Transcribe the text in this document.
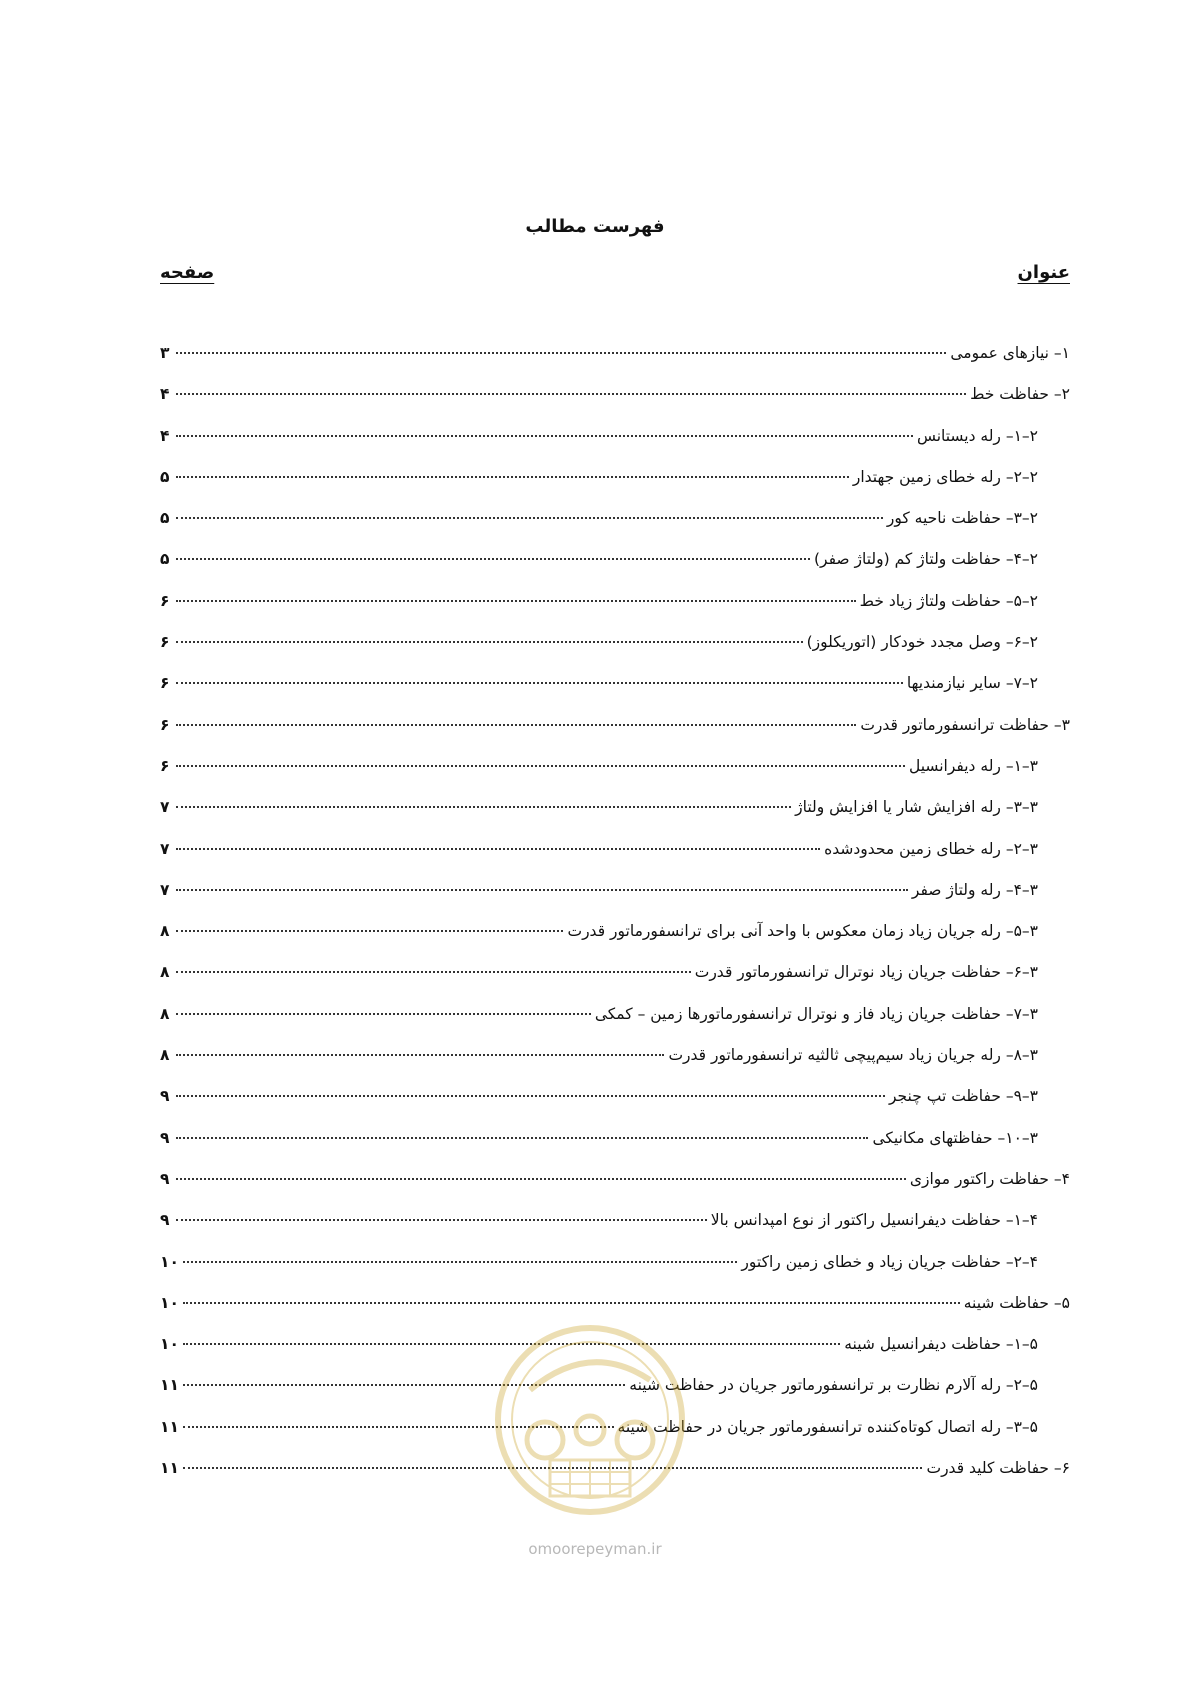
فهرست مطالب
عنوان
صفحه
۱– نیازهای عمومی
۳
۲– حفاظت خط
۴
۲–۱– رله دیستانس
۴
۲–۲– رله خطای زمین جهتدار
۵
۲–۳– حفاظت ناحیه کور
۵
۲–۴– حفاظت ولتاژ کم (ولتاژ صفر)
۵
۲–۵– حفاظت ولتاژ زیاد خط
۶
۲–۶– وصل مجدد خودکار (اتوریکلوز)
۶
۲–۷– سایر نیازمندیها
۶
۳– حفاظت ترانسفورماتور قدرت
۶
۳–۱– رله دیفرانسیل
۶
۳–۳– رله افزایش شار یا افزایش ولتاژ
۷
۳–۲– رله خطای زمین محدودشده
۷
۳–۴– رله ولتاژ صفر
۷
۳–۵– رله جریان زیاد زمان معکوس با واحد آنی برای ترانسفورماتور قدرت
۸
۳–۶– حفاظت جریان زیاد نوترال ترانسفورماتور قدرت
۸
۳–۷– حفاظت جریان زیاد فاز و نوترال ترانسفورماتورها زمین – کمکی
۸
۳–۸– رله جریان زیاد سیم‌پیچی ثالثیه ترانسفورماتور قدرت
۸
۳–۹– حفاظت تپ چنجر
۹
۳–۱۰– حفاظتهای مکانیکی
۹
۴– حفاظت راکتور موازی
۹
۴–۱– حفاظت دیفرانسیل راکتور از نوع امپدانس بالا
۹
۴–۲– حفاظت جریان زیاد و خطای زمین راکتور
۱۰
۵– حفاظت شینه
۱۰
۵–۱– حفاظت دیفرانسیل شینه
۱۰
۵–۲– رله آلارم نظارت بر ترانسفورماتور جریان در حفاظت شینه
۱۱
۵–۳– رله اتصال کوتاه‌کننده ترانسفورماتور جریان در حفاظت شینه
۱۱
۶– حفاظت کلید قدرت
۱۱
omoorepeyman.ir
